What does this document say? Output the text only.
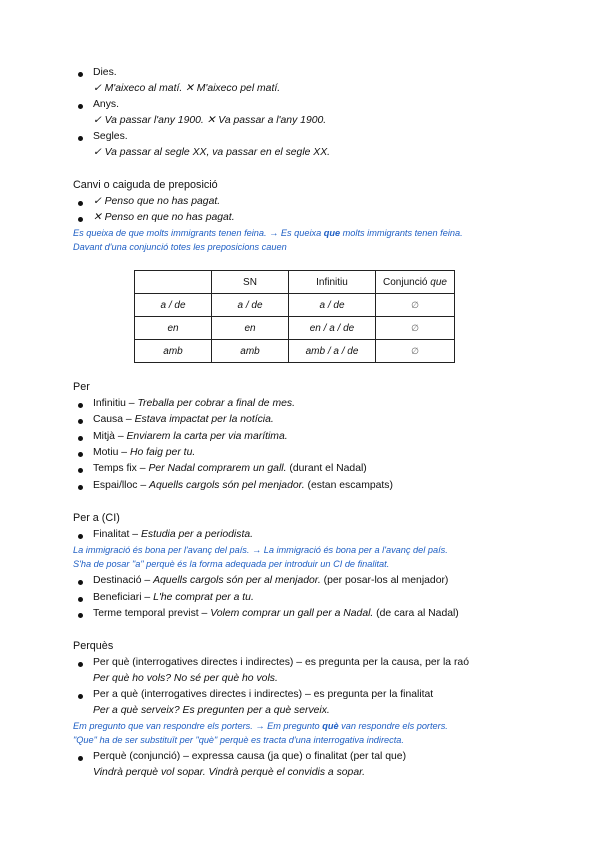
Dies.
✓ M'aixeco al matí. ✕ M'aixeco pel matí.
Anys.
✓ Va passar l'any 1900. ✕ Va passar a l'any 1900.
Segles.
✓ Va passar al segle XX, va passar en el segle XX.
Canvi o caiguda de preposició
✓ Penso que no has pagat.
✕ Penso en que no has pagat.
Es queixa de que molts immigrants tenen feina. → Es queixa que molts immigrants tenen feina.
Davant d'una conjunció totes les preposicions cauen
	SN	Infinitiu	Conjunció que
a / de	a / de	a / de	∅
en	en	en / a / de	∅
amb	amb	amb / a / de	∅
Per
Infinitiu – Treballa per cobrar a final de mes.
Causa – Estava impactat per la notícia.
Mitjà – Enviarem la carta per via marítima.
Motiu – Ho faig per tu.
Temps fix – Per Nadal comprarem un gall. (durant el Nadal)
Espai/lloc – Aquells cargols són pel menjador. (estan escampats)
Per a (CI)
Finalitat – Estudia per a periodista.
La immigració és bona per l'avanç del país. → La immigració és bona per a l'avanç del país.
S'ha de posar "a" perquè és la forma adequada per introduir un CI de finalitat.
Destinació – Aquells cargols són per al menjador. (per posar-los al menjador)
Beneficiari – L'he comprat per a tu.
Terme temporal previst – Volem comprar un gall per a Nadal. (de cara al Nadal)
Perquès
Per què (interrogatives directes i indirectes) – es pregunta per la causa, per la raó
Per què ho vols? No sé per què ho vols.
Per a què (interrogatives directes i indirectes) – es pregunta per la finalitat
Per a què serveix? Es pregunten per a què serveix.
Em pregunto que van respondre els porters. → Em pregunto què van respondre els porters.
"Que" ha de ser substituït per "què" perquè es tracta d'una interrogativa indirecta.
Perquè (conjunció) – expressa causa (ja que) o finalitat (per tal que)
Vindrà perquè vol sopar. Vindrà perquè el convidis a sopar.
